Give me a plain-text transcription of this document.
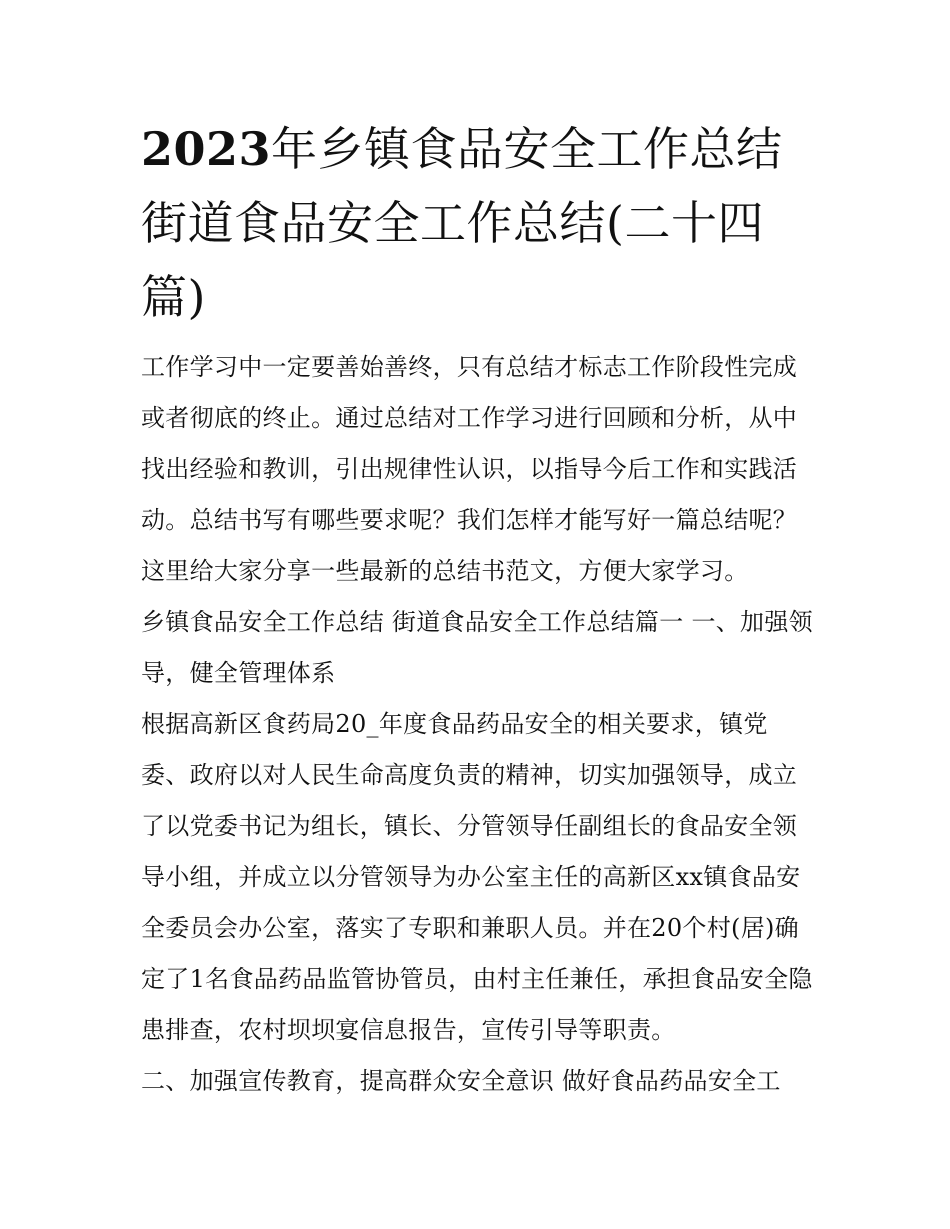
2023年乡镇食品安全工作总结街道食品安全工作总结(二十四篇)

工作学习中一定要善始善终，只有总结才标志工作阶段性完成或者彻底的终止。通过总结对工作学习进行回顾和分析，从中找出经验和教训，引出规律性认识，以指导今后工作和实践活动。总结书写有哪些要求呢？我们怎样才能写好一篇总结呢？这里给大家分享一些最新的总结书范文，方便大家学习。

乡镇食品安全工作总结 街道食品安全工作总结篇一 一、加强领导，健全管理体系

根据高新区食药局20_年度食品药品安全的相关要求，镇党委、政府以对人民生命高度负责的精神，切实加强领导，成立了以党委书记为组长，镇长、分管领导任副组长的食品安全领导小组，并成立以分管领导为办公室主任的高新区xx镇食品安全委员会办公室，落实了专职和兼职人员。并在20个村(居)确定了1名食品药品监管协管员，由村主任兼任，承担食品安全隐患排查，农村坝坝宴信息报告，宣传引导等职责。

二、加强宣传教育，提高群众安全意识 做好食品药品安全工
